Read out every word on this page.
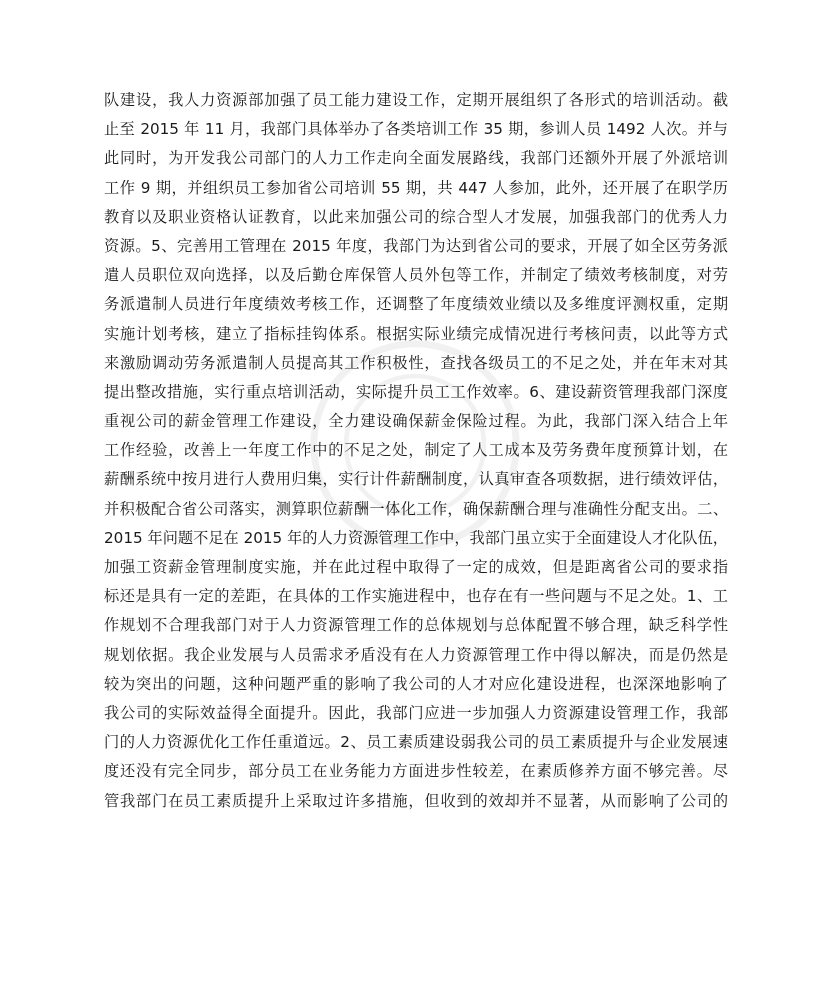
队建设，我人力资源部加强了员工能力建设工作，定期开展组织了各形式的培训活动。截
止至 2015 年 11 月，我部门具体举办了各类培训工作 35 期，参训人员 1492 人次。并与
此同时，为开发我公司部门的人力工作走向全面发展路线，我部门还额外开展了外派培训
工作 9 期，并组织员工参加省公司培训 55 期，共 447 人参加，此外，还开展了在职学历
教育以及职业资格认证教育，以此来加强公司的综合型人才发展，加强我部门的优秀人力
资源。5、完善用工管理在 2015 年度，我部门为达到省公司的要求，开展了如全区劳务派
遣人员职位双向选择，以及后勤仓库保管人员外包等工作，并制定了绩效考核制度，对劳
务派遣制人员进行年度绩效考核工作，还调整了年度绩效业绩以及多维度评测权重，定期
实施计划考核，建立了指标挂钩体系。根据实际业绩完成情况进行考核问责，以此等方式
来激励调动劳务派遣制人员提高其工作积极性，查找各级员工的不足之处，并在年末对其
提出整改措施，实行重点培训活动，实际提升员工工作效率。6、建设薪资管理我部门深度
重视公司的薪金管理工作建设，全力建设确保薪金保险过程。为此，我部门深入结合上年
工作经验，改善上一年度工作中的不足之处，制定了人工成本及劳务费年度预算计划，在
薪酬系统中按月进行人费用归集，实行计件薪酬制度，认真审查各项数据，进行绩效评估，
并积极配合省公司落实，测算职位薪酬一体化工作，确保薪酬合理与准确性分配支出。二、
2015 年问题不足在 2015 年的人力资源管理工作中，我部门虽立实于全面建设人才化队伍，
加强工资薪金管理制度实施，并在此过程中取得了一定的成效，但是距离省公司的要求指
标还是具有一定的差距，在具体的工作实施进程中，也存在有一些问题与不足之处。1、工
作规划不合理我部门对于人力资源管理工作的总体规划与总体配置不够合理，缺乏科学性
规划依据。我企业发展与人员需求矛盾没有在人力资源管理工作中得以解决，而是仍然是
较为突出的问题，这种问题严重的影响了我公司的人才对应化建设进程，也深深地影响了
我公司的实际效益得全面提升。因此，我部门应进一步加强人力资源建设管理工作，我部
门的人力资源优化工作任重道远。2、员工素质建设弱我公司的员工素质提升与企业发展速
度还没有完全同步，部分员工在业务能力方面进步性较差，在素质修养方面不够完善。尽
管我部门在员工素质提升上采取过许多措施，但收到的效却并不显著，从而影响了公司的
